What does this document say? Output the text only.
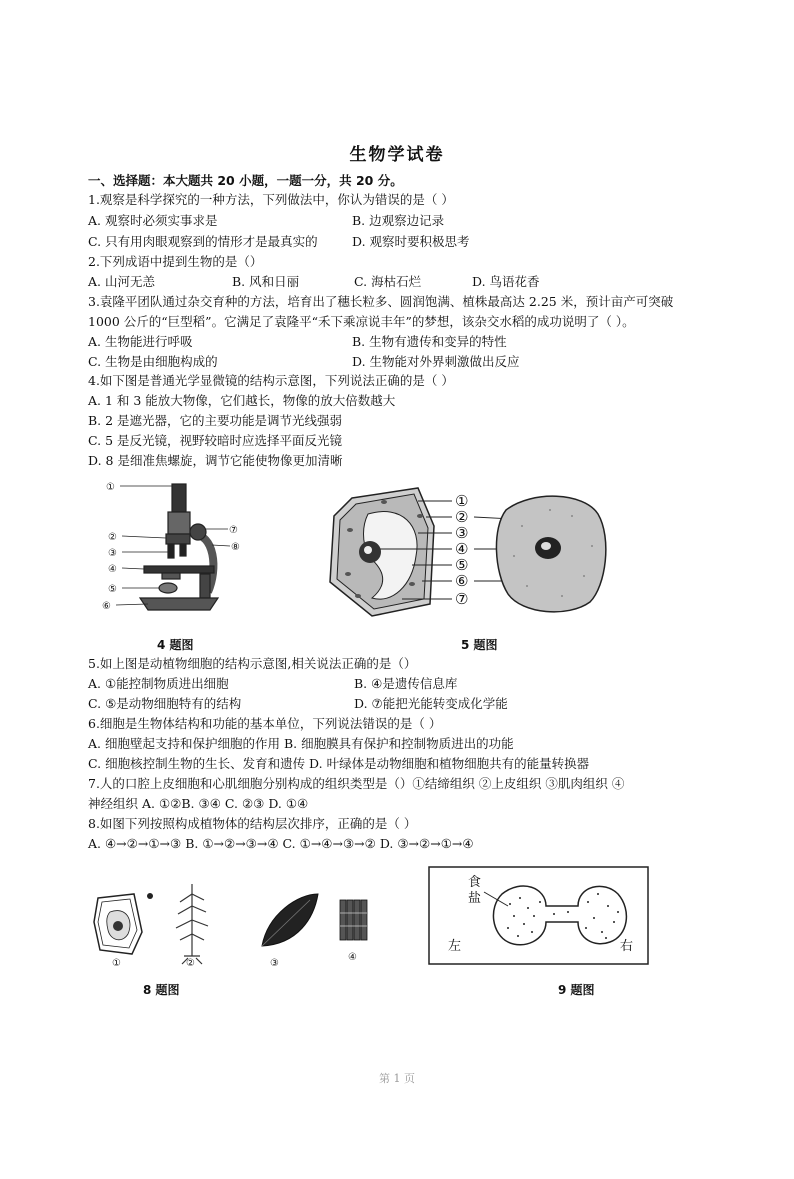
生物学试卷
一、选择题：本大题共 20 小题，一题一分，共 20 分。
1.观察是科学探究的一种方法，下列做法中，你认为错误的是（ ）
A. 观察时必须实事求是	B. 边观察边记录
C. 只有用肉眼观察到的情形才是最真实的	D. 观察时要积极思考
2.下列成语中提到生物的是（）
A. 山河无恙	B. 风和日丽	C. 海枯石烂	D. 鸟语花香
3.袁隆平团队通过杂交育种的方法，培育出了穗长粒多、圆润饱满、植株最高达 2.25 米，预计亩产可突破
1000 公斤的“巨型稻”。它满足了袁隆平“禾下乘凉说丰年”的梦想，该杂交水稻的成功说明了（ ）。
A. 生物能进行呼吸	B. 生物有遗传和变异的特性
C. 生物是由细胞构成的	D. 生物能对外界刺激做出反应
4.如下图是普通光学显微镜的结构示意图，下列说法正确的是（ ）
A. 1 和 3 能放大物像，它们越长，物像的放大倍数越大
B. 2 是遮光器，它的主要功能是调节光线强弱
C. 5 是反光镜，视野较暗时应选择平面反光镜
D. 8 是细准焦螺旋，调节它能使物像更加清晰
①
②
③
④
⑤
⑥
⑦
⑧
4 题图
①
②
③
④
⑤
⑥
⑦
5 题图
5.如上图是动植物细胞的结构示意图,相关说法正确的是（）
A. ①能控制物质进出细胞	B. ④是遗传信息库
C. ⑤是动物细胞特有的结构	D. ⑦能把光能转变成化学能
6.细胞是生物体结构和功能的基本单位，下列说法错误的是（ ）
A. 细胞壁起支持和保护细胞的作用 B. 细胞膜具有保护和控制物质进出的功能
C. 细胞核控制生物的生长、发育和遗传 D. 叶绿体是动物细胞和植物细胞共有的能量转换器
7.人的口腔上皮细胞和心肌细胞分别构成的组织类型是（）①结缔组织 ②上皮组织 ③肌肉组织 ④
神经组织 A. ①②B. ③④ C. ②③ D. ①④
8.如图下列按照构成植物体的结构层次排序，正确的是（ ）
A. ④→②→①→③ B. ①→②→③→④ C. ①→④→③→② D. ③→②→①→④
①	②	③
④
8 题图
食
盐
左	右
9 题图
第 1 页
